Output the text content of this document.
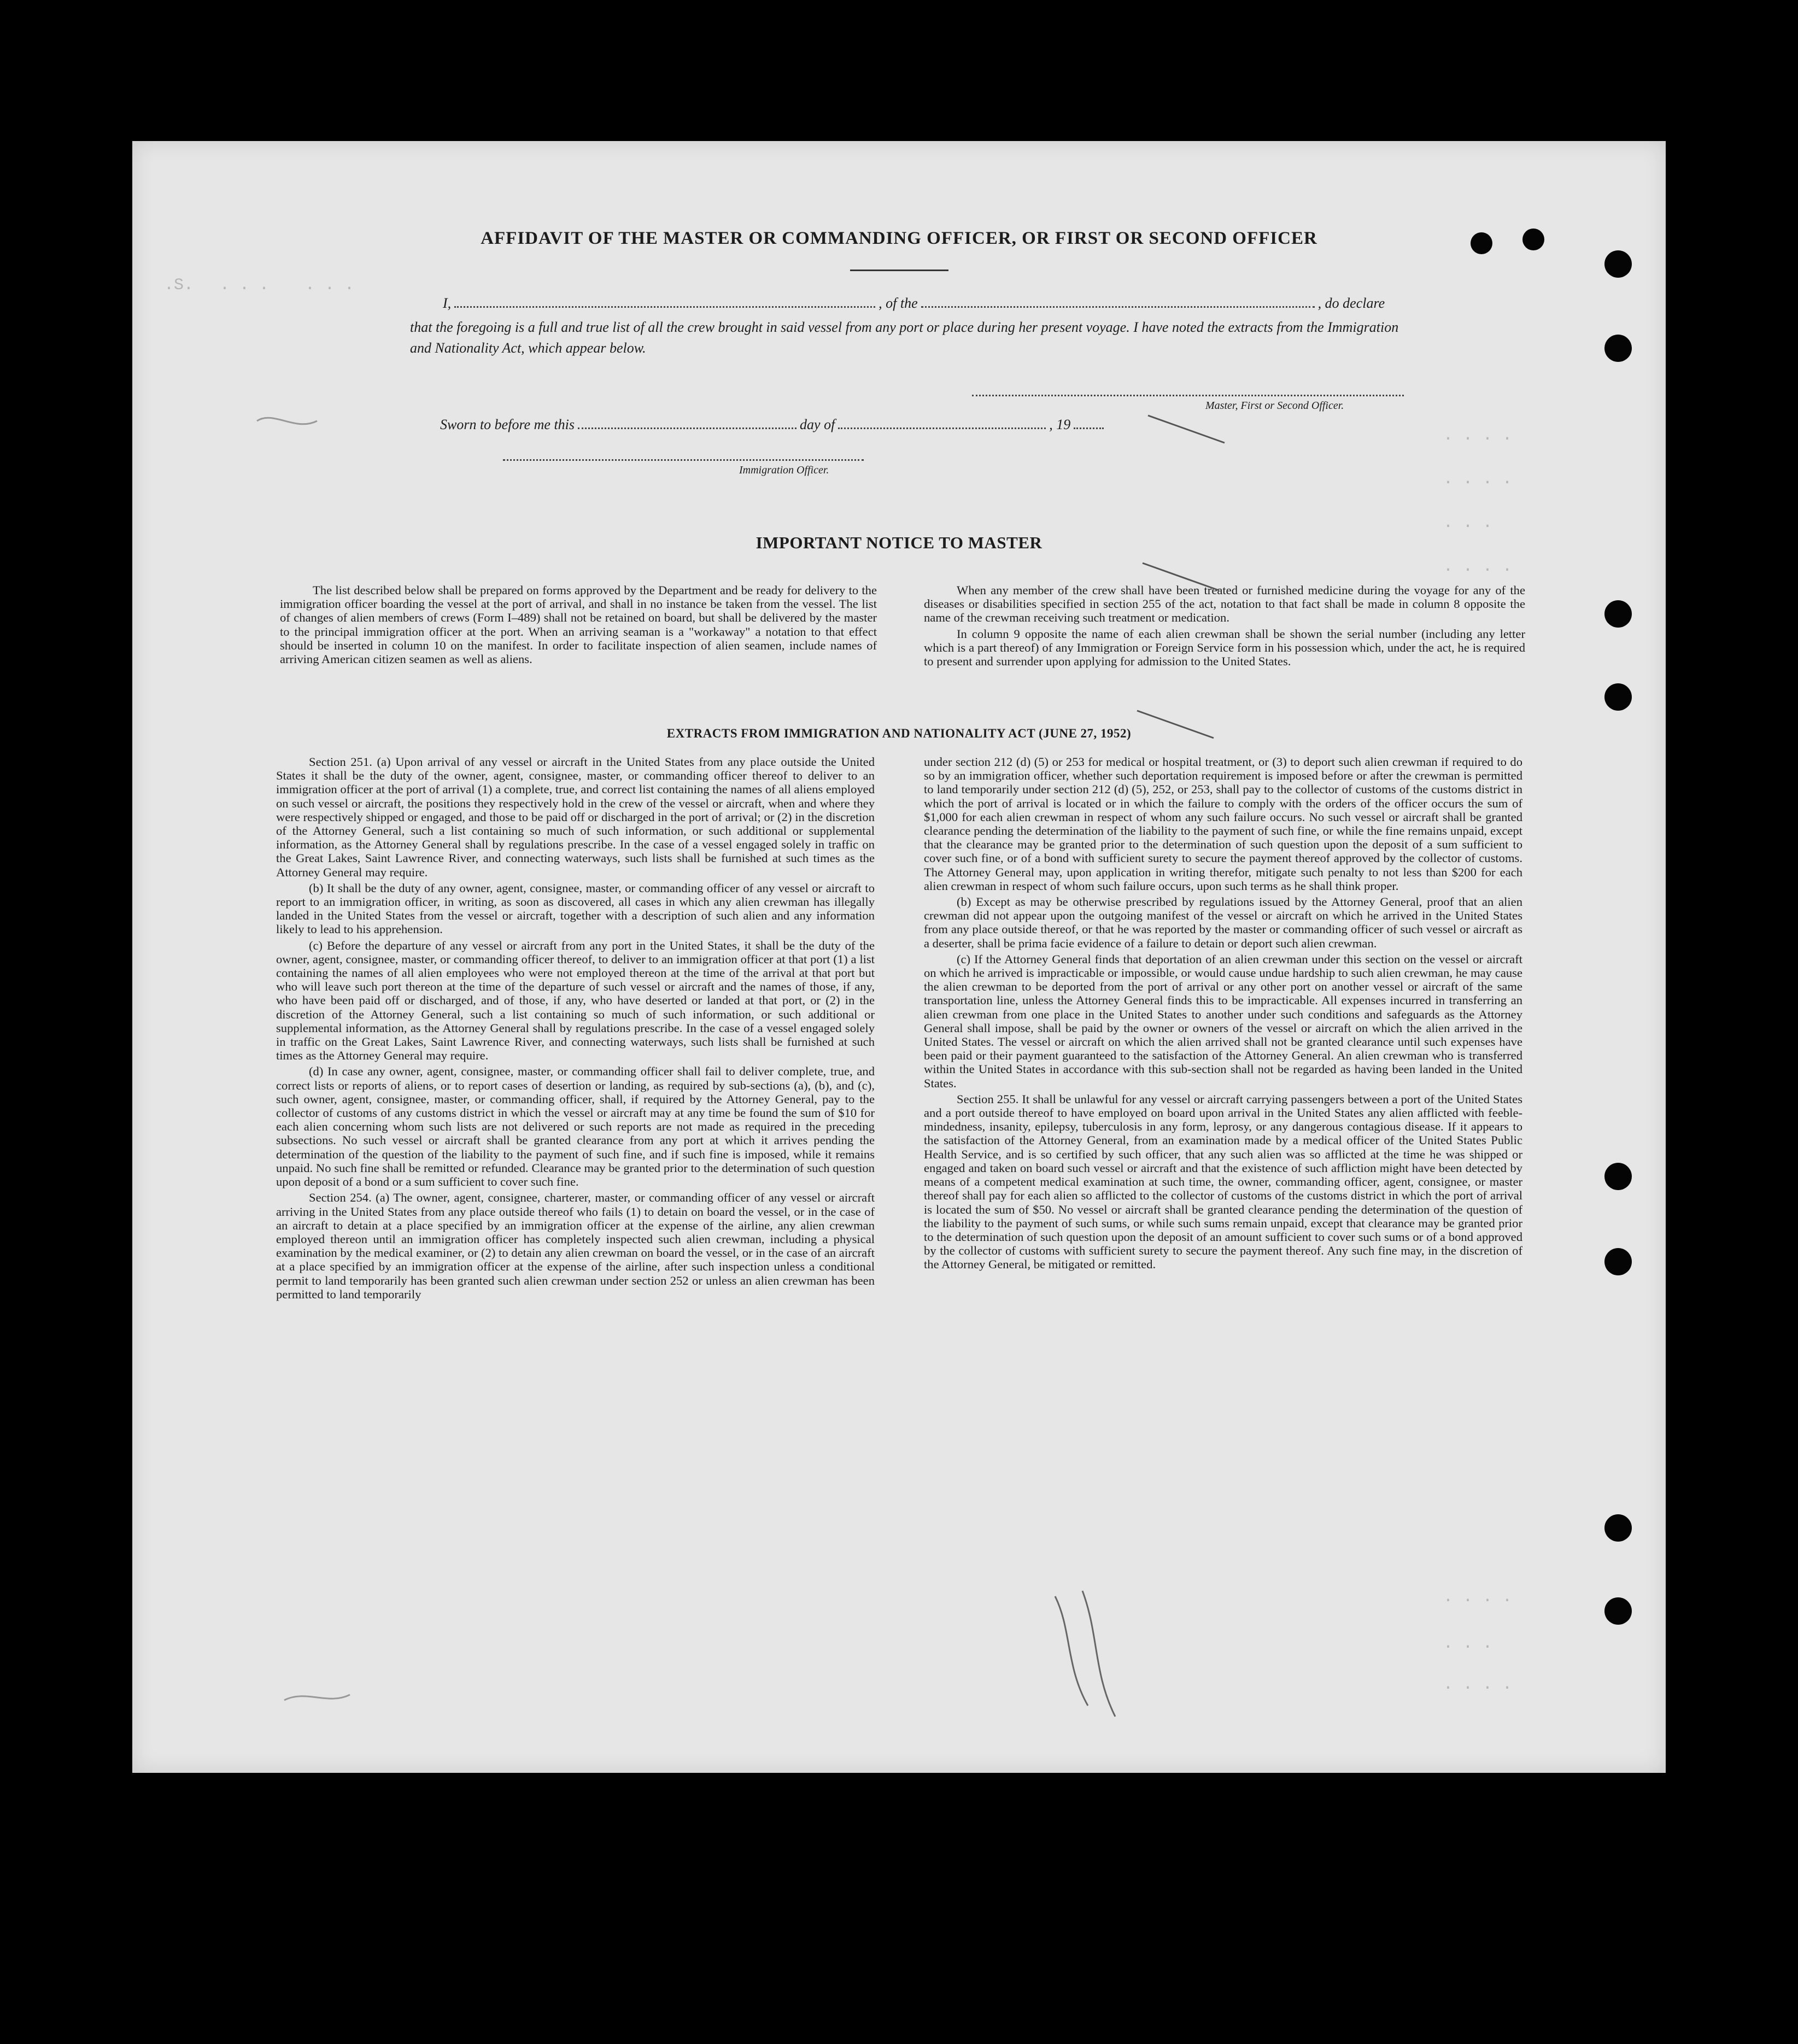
.S.    . . .       . . .
. . . .
. . . .
. . .
. . . .
. . . .
. . .
. . . .
AFFIDAVIT OF THE MASTER OR COMMANDING OFFICER, OR FIRST OR SECOND OFFICER
I,	, of the	, do declare
that the foregoing is a full and true list of all the crew brought in said vessel from any port or place during her present voyage. I have noted the extracts from the Immigration and Nationality Act, which appear below.
Master, First or Second Officer.
Sworn to before me this	day of	, 19
Immigration Officer.
IMPORTANT NOTICE TO MASTER

The list described below shall be prepared on forms approved by the Department and be ready for delivery to the immigration officer boarding the vessel at the port of arrival, and shall in no instance be taken from the vessel. The list of changes of alien members of crews (Form I–489) shall not be retained on board, but shall be delivered by the master to the principal immigration officer at the port. When an arriving seaman is a "workaway" a notation to that effect should be inserted in column 10 on the manifest. In order to facilitate inspection of alien seamen, include names of arriving American citizen seamen as well as aliens.

When any member of the crew shall have been treated or furnished medicine during the voyage for any of the diseases or disabilities specified in section 255 of the act, notation to that fact shall be made in column 8 opposite the name of the crewman receiving such treatment or medication.

In column 9 opposite the name of each alien crewman shall be shown the serial number (including any letter which is a part thereof) of any Immigration or Foreign Service form in his possession which, under the act, he is required to present and surrender upon applying for admission to the United States.

EXTRACTS FROM IMMIGRATION AND NATIONALITY ACT (JUNE 27, 1952)

Section 251. (a) Upon arrival of any vessel or aircraft in the United States from any place outside the United States it shall be the duty of the owner, agent, consignee, master, or commanding officer thereof to deliver to an immigration officer at the port of arrival (1) a complete, true, and correct list containing the names of all aliens employed on such vessel or aircraft, the positions they respectively hold in the crew of the vessel or aircraft, when and where they were respectively shipped or engaged, and those to be paid off or discharged in the port of arrival; or (2) in the discretion of the Attorney General, such a list containing so much of such information, or such additional or supplemental information, as the Attorney General shall by regulations prescribe. In the case of a vessel engaged solely in traffic on the Great Lakes, Saint Lawrence River, and connecting waterways, such lists shall be furnished at such times as the Attorney General may require.

(b) It shall be the duty of any owner, agent, consignee, master, or commanding officer of any vessel or aircraft to report to an immigration officer, in writing, as soon as discovered, all cases in which any alien crewman has illegally landed in the United States from the vessel or aircraft, together with a description of such alien and any information likely to lead to his apprehension.

(c) Before the departure of any vessel or aircraft from any port in the United States, it shall be the duty of the owner, agent, consignee, master, or commanding officer thereof, to deliver to an immigration officer at that port (1) a list containing the names of all alien employees who were not employed thereon at the time of the arrival at that port but who will leave such port thereon at the time of the departure of such vessel or aircraft and the names of those, if any, who have been paid off or discharged, and of those, if any, who have deserted or landed at that port, or (2) in the discretion of the Attorney General, such a list containing so much of such information, or such additional or supplemental information, as the Attorney General shall by regulations prescribe. In the case of a vessel engaged solely in traffic on the Great Lakes, Saint Lawrence River, and connecting waterways, such lists shall be furnished at such times as the Attorney General may require.

(d) In case any owner, agent, consignee, master, or commanding officer shall fail to deliver complete, true, and correct lists or reports of aliens, or to report cases of desertion or landing, as required by sub-sections (a), (b), and (c), such owner, agent, consignee, master, or commanding officer, shall, if required by the Attorney General, pay to the collector of customs of any customs district in which the vessel or aircraft may at any time be found the sum of $10 for each alien concerning whom such lists are not delivered or such reports are not made as required in the preceding subsections. No such vessel or aircraft shall be granted clearance from any port at which it arrives pending the determination of the question of the liability to the payment of such fine, and if such fine is imposed, while it remains unpaid. No such fine shall be remitted or refunded. Clearance may be granted prior to the determination of such question upon deposit of a bond or a sum sufficient to cover such fine.

Section 254. (a) The owner, agent, consignee, charterer, master, or commanding officer of any vessel or aircraft arriving in the United States from any place outside thereof who fails (1) to detain on board the vessel, or in the case of an aircraft to detain at a place specified by an immigration officer at the expense of the airline, any alien crewman employed thereon until an immigration officer has completely inspected such alien crewman, including a physical examination by the medical examiner, or (2) to detain any alien crewman on board the vessel, or in the case of an aircraft at a place specified by an immigration officer at the expense of the airline, after such inspection unless a conditional permit to land temporarily has been granted such alien crewman under section 252 or unless an alien crewman has been permitted to land temporarily

under section 212 (d) (5) or 253 for medical or hospital treatment, or (3) to deport such alien crewman if required to do so by an immigration officer, whether such deportation requirement is imposed before or after the crewman is permitted to land temporarily under section 212 (d) (5), 252, or 253, shall pay to the collector of customs of the customs district in which the port of arrival is located or in which the failure to comply with the orders of the officer occurs the sum of $1,000 for each alien crewman in respect of whom any such failure occurs. No such vessel or aircraft shall be granted clearance pending the determination of the liability to the payment of such fine, or while the fine remains unpaid, except that the clearance may be granted prior to the determination of such question upon the deposit of a sum sufficient to cover such fine, or of a bond with sufficient surety to secure the payment thereof approved by the collector of customs. The Attorney General may, upon application in writing therefor, mitigate such penalty to not less than $200 for each alien crewman in respect of whom such failure occurs, upon such terms as he shall think proper.

(b) Except as may be otherwise prescribed by regulations issued by the Attorney General, proof that an alien crewman did not appear upon the outgoing manifest of the vessel or aircraft on which he arrived in the United States from any place outside thereof, or that he was reported by the master or commanding officer of such vessel or aircraft as a deserter, shall be prima facie evidence of a failure to detain or deport such alien crewman.

(c) If the Attorney General finds that deportation of an alien crewman under this section on the vessel or aircraft on which he arrived is impracticable or impossible, or would cause undue hardship to such alien crewman, he may cause the alien crewman to be deported from the port of arrival or any other port on another vessel or aircraft of the same transportation line, unless the Attorney General finds this to be impracticable. All expenses incurred in transferring an alien crewman from one place in the United States to another under such conditions and safeguards as the Attorney General shall impose, shall be paid by the owner or owners of the vessel or aircraft on which the alien arrived in the United States. The vessel or aircraft on which the alien arrived shall not be granted clearance until such expenses have been paid or their payment guaranteed to the satisfaction of the Attorney General. An alien crewman who is transferred within the United States in accordance with this sub-section shall not be regarded as having been landed in the United States.

Section 255. It shall be unlawful for any vessel or aircraft carrying passengers between a port of the United States and a port outside thereof to have employed on board upon arrival in the United States any alien afflicted with feeble-mindedness, insanity, epilepsy, tuberculosis in any form, leprosy, or any dangerous contagious disease. If it appears to the satisfaction of the Attorney General, from an examination made by a medical officer of the United States Public Health Service, and is so certified by such officer, that any such alien was so afflicted at the time he was shipped or engaged and taken on board such vessel or aircraft and that the existence of such affliction might have been detected by means of a competent medical examination at such time, the owner, commanding officer, agent, consignee, or master thereof shall pay for each alien so afflicted to the collector of customs of the customs district in which the port of arrival is located the sum of $50. No vessel or aircraft shall be granted clearance pending the determination of the question of the liability to the payment of such sums, or while such sums remain unpaid, except that clearance may be granted prior to the determination of such question upon the deposit of an amount sufficient to cover such sums or of a bond approved by the collector of customs with sufficient surety to secure the payment thereof. Any such fine may, in the discretion of the Attorney General, be mitigated or remitted.
